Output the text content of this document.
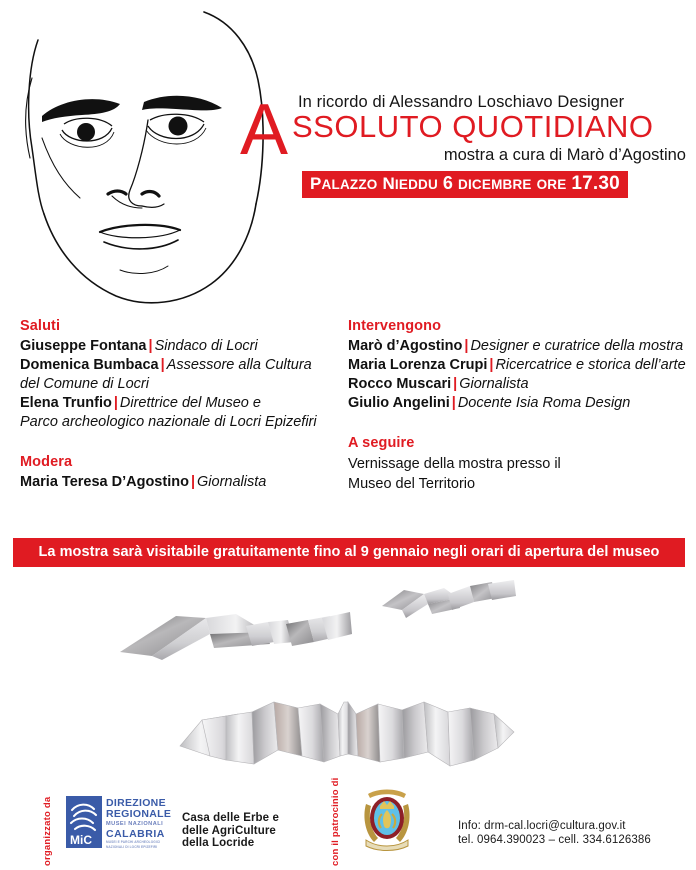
A In ricordo di Alessandro Loschiavo Designer
SSOLUTO QUOTIDIANO
mostra a cura di Marò d’Agostino
PALAZZO NIEDDU 6 DICEMBRE ORE 17.30
Saluti
Giuseppe Fontana | Sindaco di Locri
Domenica Bumbaca | Assessore alla Cultura
del Comune di Locri
Elena Trunfio | Direttrice del Museo e
Parco archeologico nazionale di Locri Epizefiri
Modera
Maria Teresa D’Agostino | Giornalista
Intervengono
Marò d’Agostino | Designer e curatrice della mostra
Maria Lorenza Crupi | Ricercatrice e storica dell’arte
Rocco Muscari | Giornalista
Giulio Angelini | Docente Isia Roma Design
A seguire
Vernissage della mostra presso il
Museo del Territorio
La mostra sarà visitabile gratuitamente fino al 9 gennaio negli orari di apertura del museo
organizzato da	con il patrocinio di
MiC
DIREZIONE
REGIONALE
MUSEI NAZIONALI
CALABRIA
MUSEI E PARCHI ARCHEOLOGICI NAZIONALI DI LOCRI EPIZEFIRI
Casa delle Erbe e
delle AgriCulture
della Locride
Info: drm-cal.locri@cultura.gov.it
tel. 0964.390023 – cell. 334.6126386
